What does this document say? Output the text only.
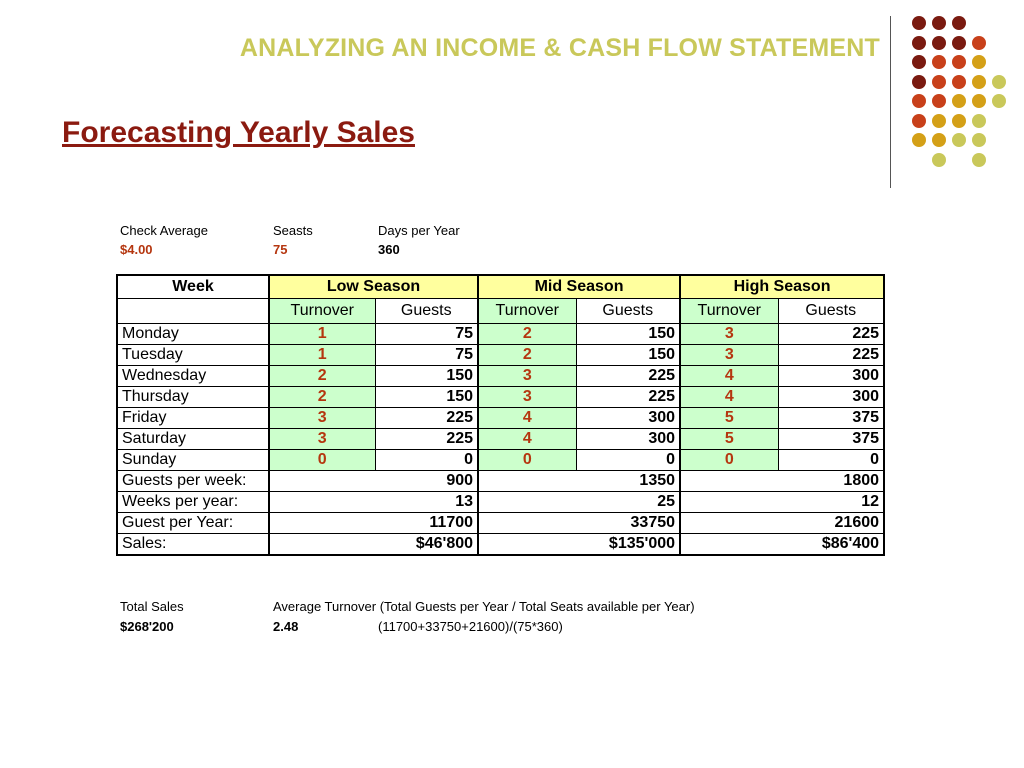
ANALYZING AN INCOME & CASH FLOW STATEMENT
Forecasting Yearly Sales
Check Average	Seasts	Days per Year
$4.00	75	360
Week	Low Season		Mid Season		High Season	
	Turnover	Guests	Turnover	Guests	Turnover	Guests
Monday	1	75	2	150	3	225
Tuesday	1	75	2	150	3	225
Wednesday	2	150	3	225	4	300
Thursday	2	150	3	225	4	300
Friday	3	225	4	300	5	375
Saturday	3	225	4	300	5	375
Sunday	0	0	0	0	0	0
Guests per week:	900		1350		1800	
Weeks per year:	13		25		12	
Guest per Year:	11700		33750		21600	
Sales:	$46'800		$135'000		$86'400	
Total Sales	Average Turnover (Total Guests per Year / Total Seats available per Year)
$268'200	2.48	(11700+33750+21600)/(75*360)
